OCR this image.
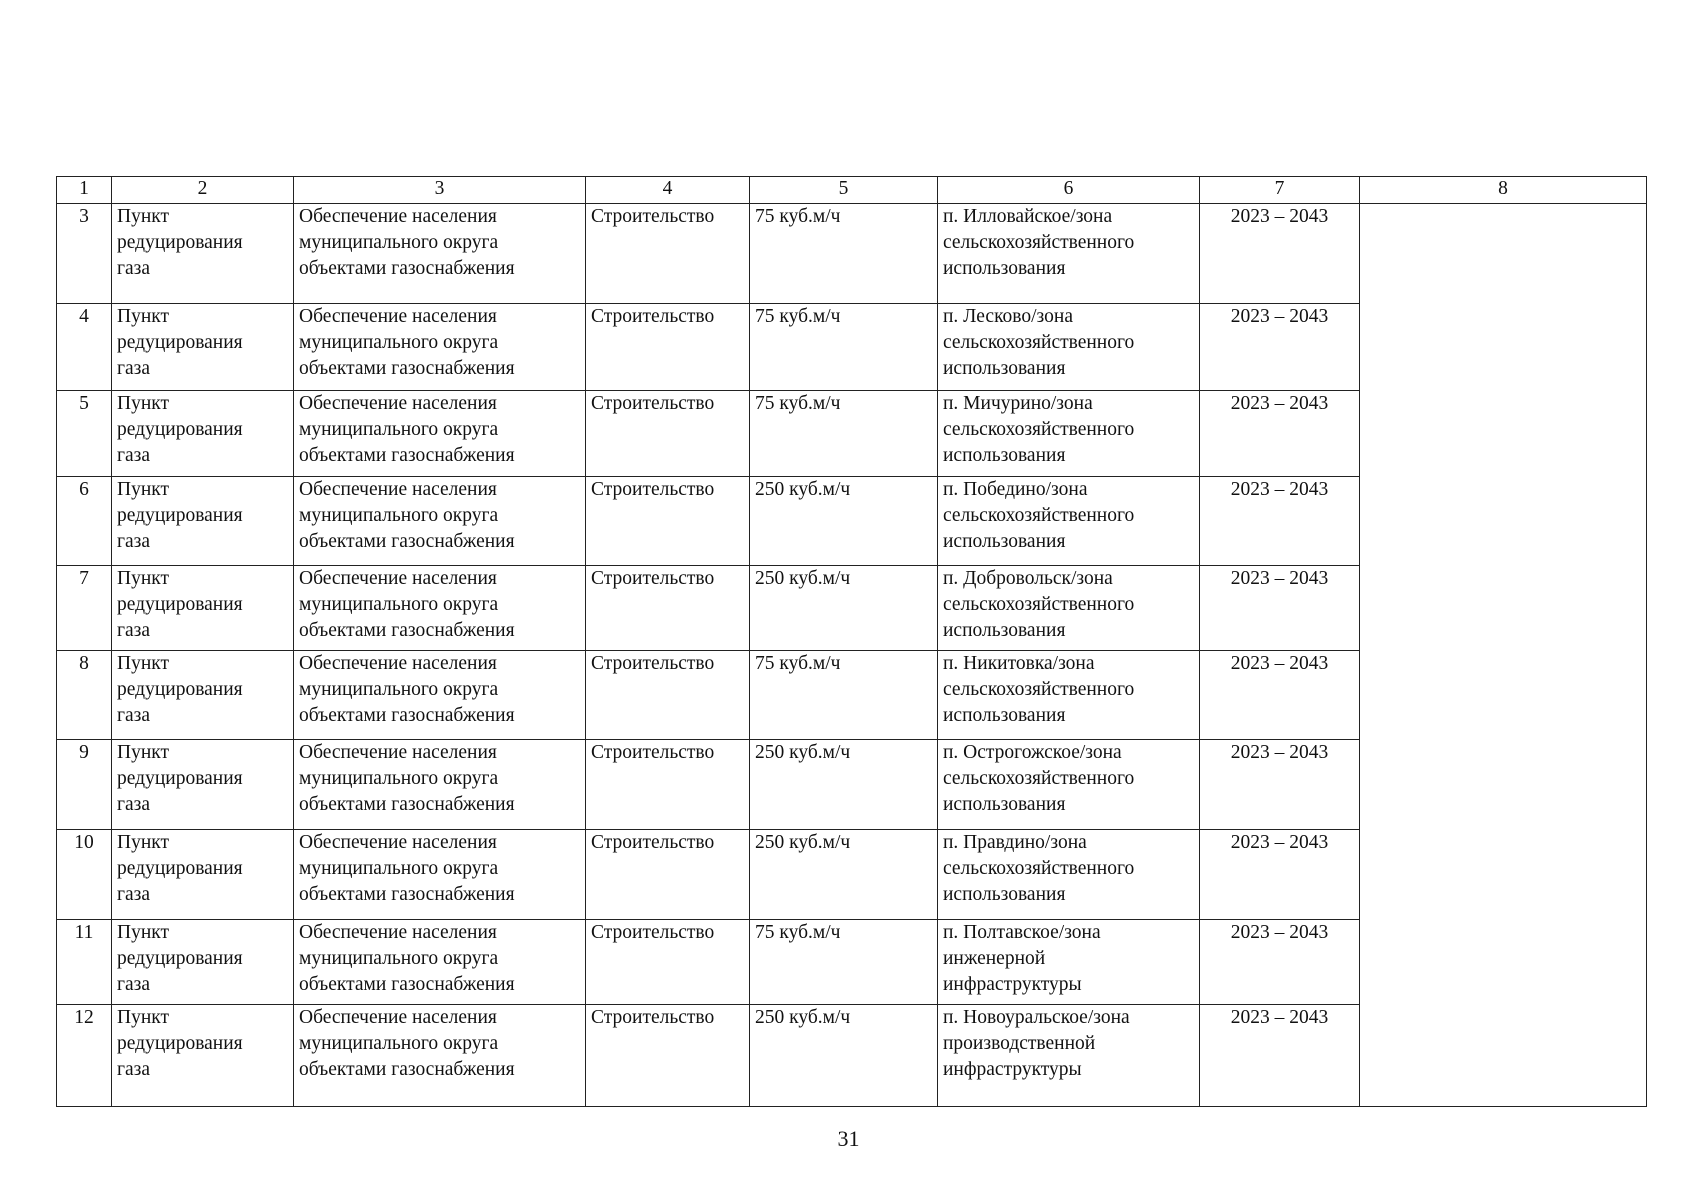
1	2	3	4	5	6	7	8
3	Пункт
редуцирования
газа	Обеспечение населения
муниципального округа
объектами газоснабжения	Строительство	75 куб.м/ч	п. Илловайское/зона
сельскохозяйственного
использования	2023 – 2043	
4	Пункт
редуцирования
газа	Обеспечение населения
муниципального округа
объектами газоснабжения	Строительство	75 куб.м/ч	п. Лесково/зона
сельскохозяйственного
использования	2023 – 2043	
5	Пункт
редуцирования
газа	Обеспечение населения
муниципального округа
объектами газоснабжения	Строительство	75 куб.м/ч	п. Мичурино/зона
сельскохозяйственного
использования	2023 – 2043	
6	Пункт
редуцирования
газа	Обеспечение населения
муниципального округа
объектами газоснабжения	Строительство	250 куб.м/ч	п. Победино/зона
сельскохозяйственного
использования	2023 – 2043	
7	Пункт
редуцирования
газа	Обеспечение населения
муниципального округа
объектами газоснабжения	Строительство	250 куб.м/ч	п. Добровольск/зона
сельскохозяйственного
использования	2023 – 2043	
8	Пункт
редуцирования
газа	Обеспечение населения
муниципального округа
объектами газоснабжения	Строительство	75 куб.м/ч	п. Никитовка/зона
сельскохозяйственного
использования	2023 – 2043	
9	Пункт
редуцирования
газа	Обеспечение населения
муниципального округа
объектами газоснабжения	Строительство	250 куб.м/ч	п. Острогожское/зона
сельскохозяйственного
использования	2023 – 2043	
10	Пункт
редуцирования
газа	Обеспечение населения
муниципального округа
объектами газоснабжения	Строительство	250 куб.м/ч	п. Правдино/зона
сельскохозяйственного
использования	2023 – 2043	
11	Пункт
редуцирования
газа	Обеспечение населения
муниципального округа
объектами газоснабжения	Строительство	75 куб.м/ч	п. Полтавское/зона
инженерной
инфраструктуры	2023 – 2043	
12	Пункт
редуцирования
газа	Обеспечение населения
муниципального округа
объектами газоснабжения	Строительство	250 куб.м/ч	п. Новоуральское/зона
производственной
инфраструктуры	2023 – 2043	
31
